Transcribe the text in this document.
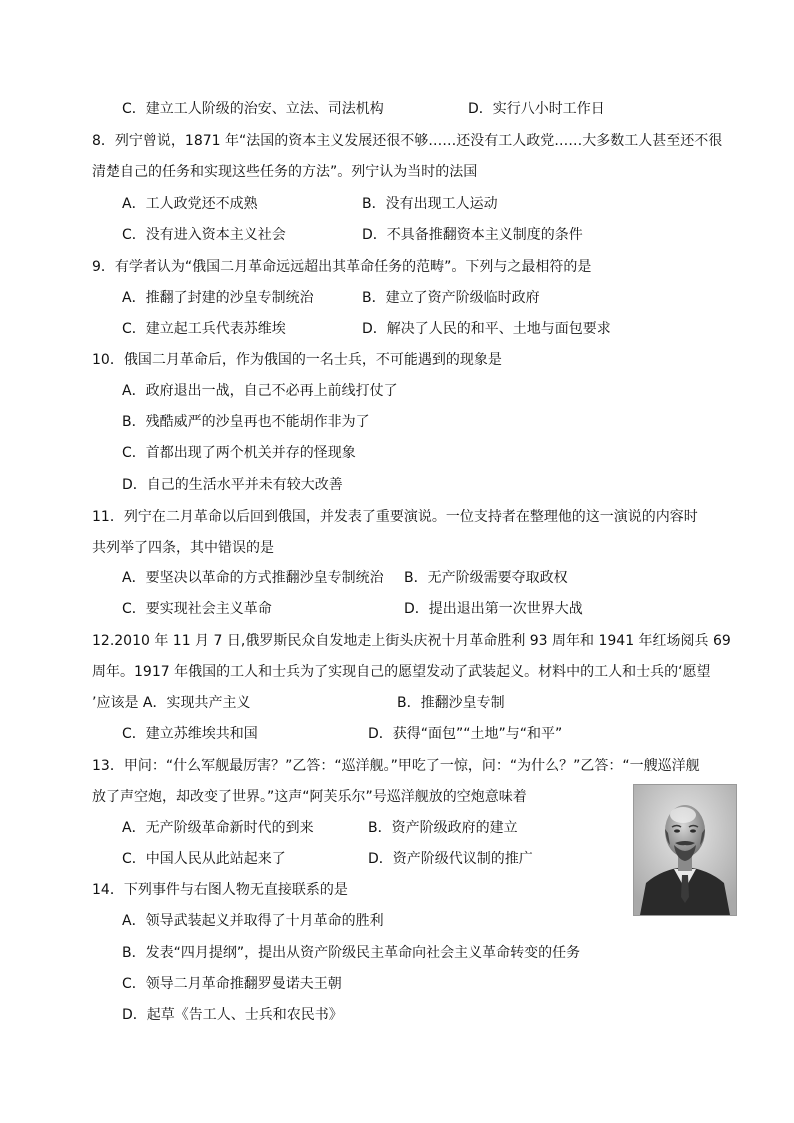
C．建立工人阶级的治安、立法、司法机构	D．实行八小时工作日
8．列宁曾说，1871 年“法国的资本主义发展还很不够……还没有工人政党……大多数工人甚至还不很
清楚自己的任务和实现这些任务的方法”。列宁认为当时的法国
A．工人政党还不成熟	B．没有出现工人运动
C．没有进入资本主义社会	D．不具备推翻资本主义制度的条件
9．有学者认为“俄国二月革命远远超出其革命任务的范畴”。下列与之最相符的是
A．推翻了封建的沙皇专制统治	B．建立了资产阶级临时政府
C．建立起工兵代表苏维埃	D．解决了人民的和平、土地与面包要求
10．俄国二月革命后，作为俄国的一名士兵，不可能遇到的现象是
A．政府退出一战，自己不必再上前线打仗了
B．残酷威严的沙皇再也不能胡作非为了
C．首都出现了两个机关并存的怪现象
D．自己的生活水平并未有较大改善
11．列宁在二月革命以后回到俄国，并发表了重要演说。一位支持者在整理他的这一演说的内容时
共列举了四条，其中错误的是
A．要坚决以革命的方式推翻沙皇专制统治 B．无产阶级需要夺取政权
C．要实现社会主义革命	D．提出退出第一次世界大战
12.2010 年 11 月 7 日,俄罗斯民众自发地走上街头庆祝十月革命胜利 93 周年和 1941 年红场阅兵 69
周年。1917 年俄国的工人和士兵为了实现自己的愿望发动了武装起义。材料中的工人和士兵的‘愿望
’应该是 A．实现共产主义	B．推翻沙皇专制
C．建立苏维埃共和国	D．获得“面包”“土地”与“和平”
13．甲问：“什么军舰最厉害？”乙答：“巡洋舰。”甲吃了一惊，问：“为什么？”乙答：“一艘巡洋舰
放了声空炮，却改变了世界。”这声“阿芙乐尔”号巡洋舰放的空炮意味着
A．无产阶级革命新时代的到来	B．资产阶级政府的建立
C．中国人民从此站起来了	D．资产阶级代议制的推广
14．下列事件与右图人物无直接联系的是
A．领导武装起义并取得了十月革命的胜利
B．发表“四月提纲”，提出从资产阶级民主革命向社会主义革命转变的任务
C．领导二月革命推翻罗曼诺夫王朝
D．起草《告工人、士兵和农民书》
